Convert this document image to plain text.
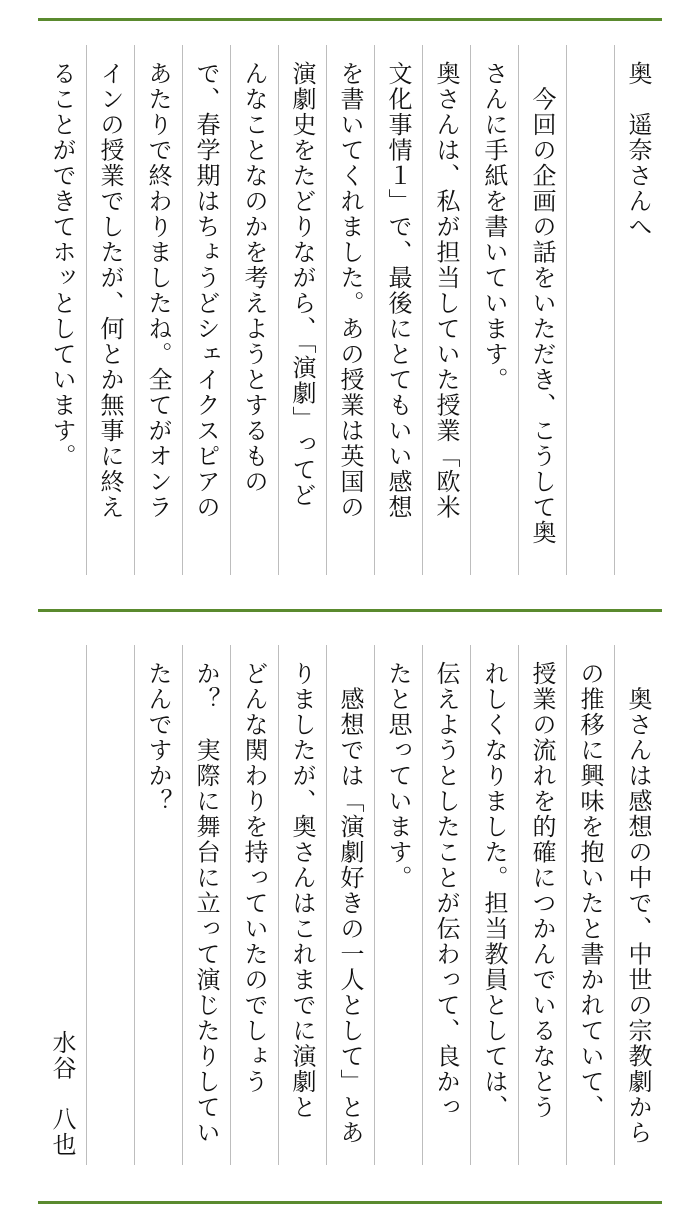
奥　遥奈さんへ
　今回の企画の話をいただき、こうして奥
さんに手紙を書いています。
奥さんは、私が担当していた授業「欧米
文化事情１」で、最後にとてもいい感想
を書いてくれました。あの授業は英国の
演劇史をたどりながら、「演劇」ってど
んなことなのかを考えようとするもの
で、春学期はちょうどシェイクスピアの
あたりで終わりましたね。全てがオンラ
インの授業でしたが、何とか無事に終え
ることができてホッとしています。
　奥さんは感想の中で、中世の宗教劇から
の推移に興味を抱いたと書かれていて、
授業の流れを的確につかんでいるなとう
れしくなりました。担当教員としては、
伝えようとしたことが伝わって、良かっ
たと思っています。
　感想では「演劇好きの一人として」とあ
りましたが、奥さんはこれまでに演劇と
どんな関わりを持っていたのでしょう
か？　実際に舞台に立って演じたりしてい
たんですか？
水谷　八也
